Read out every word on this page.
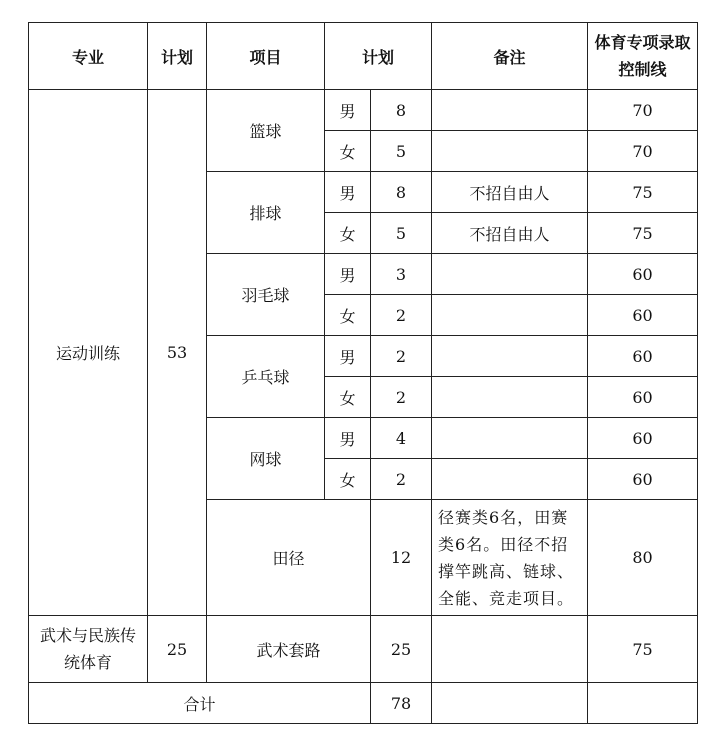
专业	计划	项目	计划		备注	体育专项录取控制线
运动训练	53	篮球	男	8		70
			女	5		70
		排球	男	8	不招自由人	75
			女	5	不招自由人	75
		羽毛球	男	3		60
			女	2		60
		乒乓球	男	2		60
			女	2		60
		网球	男	4		60
			女	2		60
		田径		12	径赛类6名，田赛类6名。田径不招撑竿跳高、链球、全能、竞走项目。	80
武术与民族传统体育	25	武术套路		25		75
合计				78		
